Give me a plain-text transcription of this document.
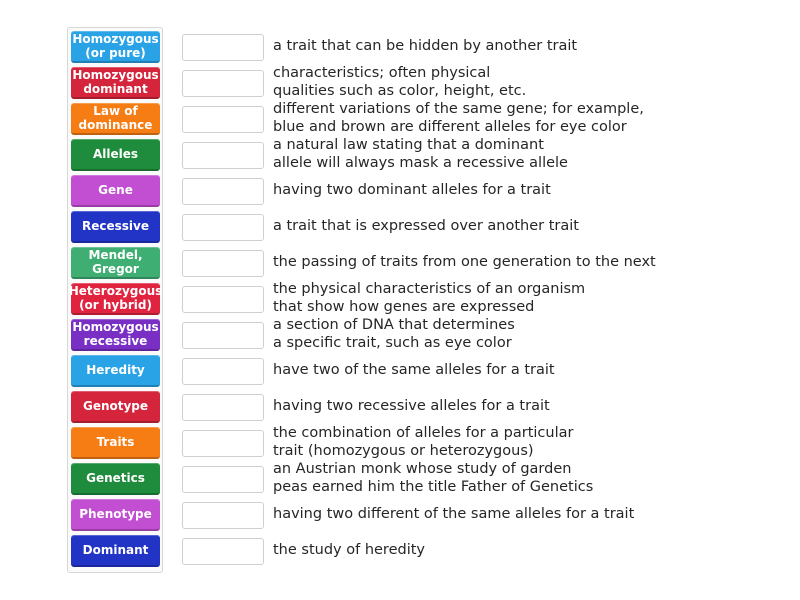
Homozygous
(or pure)
Homozygous
dominant
Law of
dominance
Alleles
Gene
Recessive
Mendel,
Gregor
Heterozygous
(or hybrid)
Homozygous
recessive
Heredity
Genotype
Traits
Genetics
Phenotype
Dominant
a trait that can be hidden by another trait
characteristics; often physical
qualities such as color, height, etc.
different variations of the same gene; for example,
blue and brown are different alleles for eye color
a natural law stating that a dominant
allele will always mask a recessive allele
having two dominant alleles for a trait
a trait that is expressed over another trait
the passing of traits from one generation to the next
the physical characteristics of an organism
that show how genes are expressed
a section of DNA that determines
a specific trait, such as eye color
have two of the same alleles for a trait
having two recessive alleles for a trait
the combination of alleles for a particular
trait (homozygous or heterozygous)
an Austrian monk whose study of garden
peas earned him the title Father of Genetics
having two different of the same alleles for a trait
the study of heredity
